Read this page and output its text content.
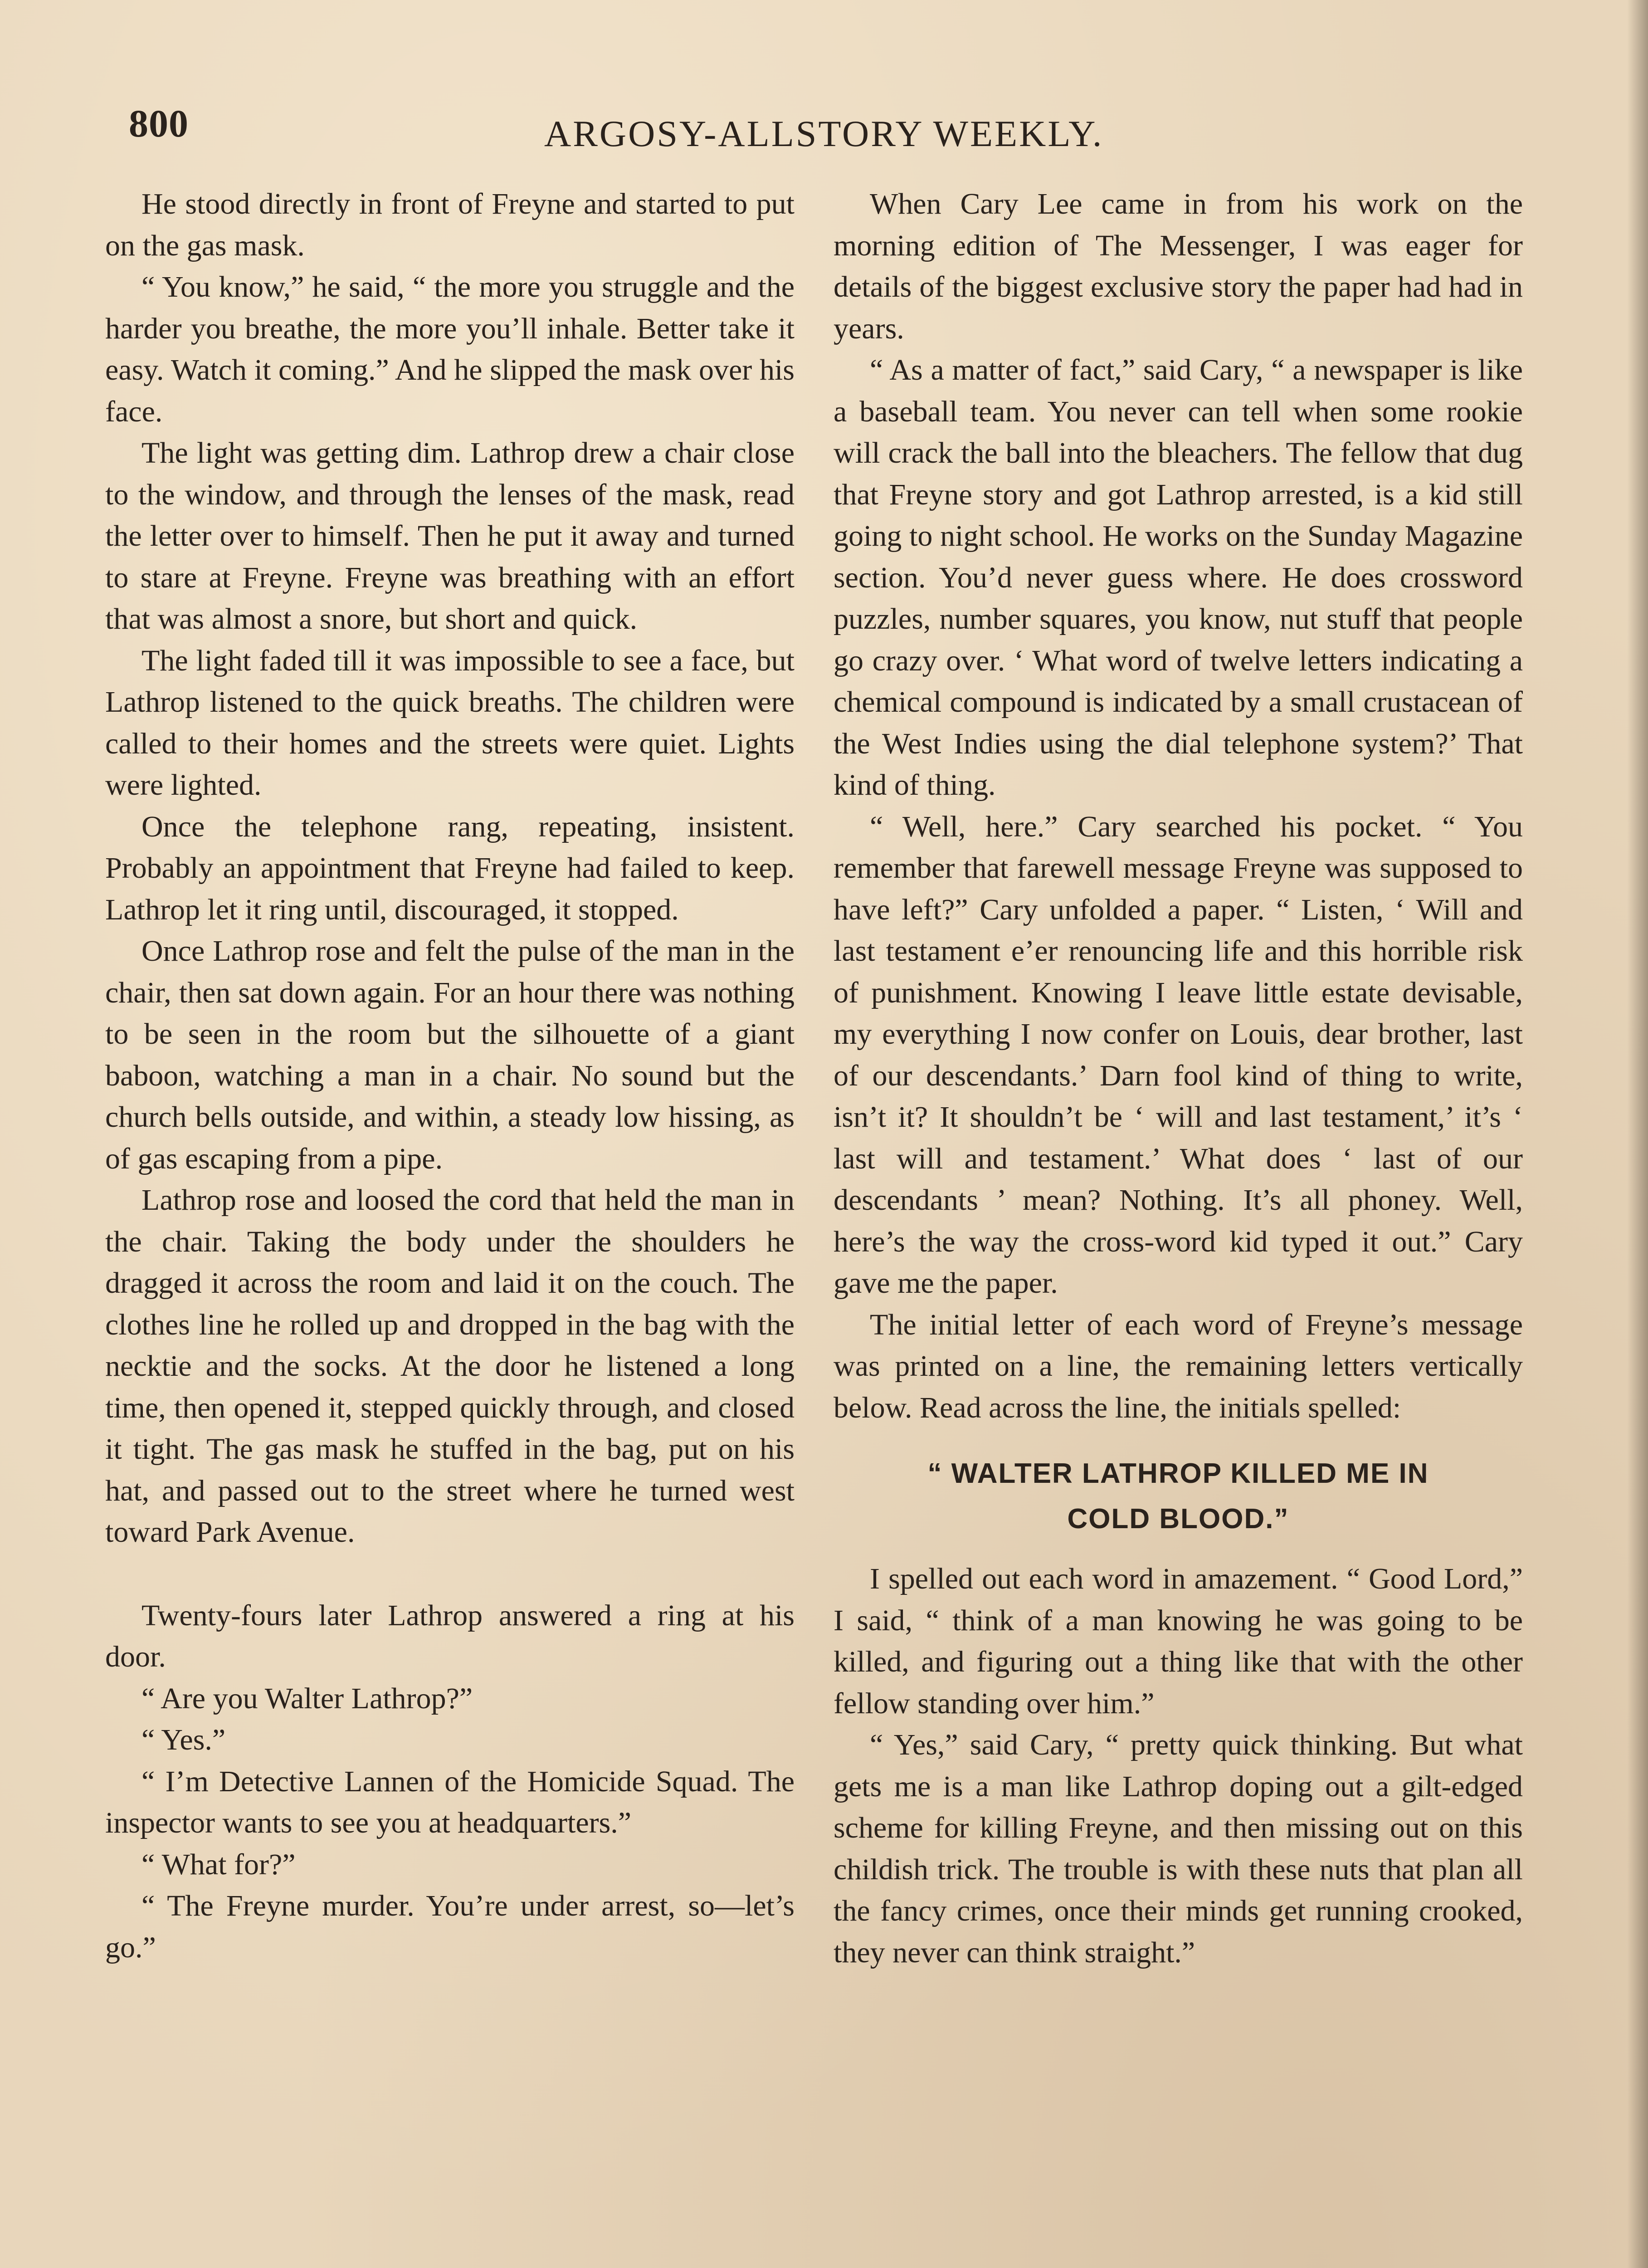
800	ARGOSY-ALLSTORY WEEKLY.

He stood directly in front of Freyne and started to put on the gas mask.

“ You know,” he said, “ the more you struggle and the harder you breathe, the more you’ll inhale. Better take it easy. Watch it coming.” And he slipped the mask over his face.

The light was getting dim. Lathrop drew a chair close to the window, and through the lenses of the mask, read the letter over to himself. Then he put it away and turned to stare at Freyne. Freyne was breathing with an effort that was almost a snore, but short and quick.

The light faded till it was impossible to see a face, but Lathrop listened to the quick breaths. The children were called to their homes and the streets were quiet. Lights were lighted.

Once the telephone rang, repeating, insistent. Probably an appointment that Freyne had failed to keep. Lathrop let it ring until, discouraged, it stopped.

Once Lathrop rose and felt the pulse of the man in the chair, then sat down again. For an hour there was nothing to be seen in the room but the silhouette of a giant baboon, watching a man in a chair. No sound but the church bells outside, and within, a steady low hissing, as of gas escaping from a pipe.

Lathrop rose and loosed the cord that held the man in the chair. Taking the body under the shoulders he dragged it across the room and laid it on the couch. The clothes line he rolled up and dropped in the bag with the necktie and the socks. At the door he listened a long time, then opened it, stepped quickly through, and closed it tight. The gas mask he stuffed in the bag, put on his hat, and passed out to the street where he turned west toward Park Avenue.

Twenty-fours later Lathrop answered a ring at his door.

“ Are you Walter Lathrop?”

“ Yes.”

“ I’m Detective Lannen of the Homicide Squad. The inspector wants to see you at headquarters.”

“ What for?”

“ The Freyne murder. You’re under arrest, so—let’s go.”

When Cary Lee came in from his work on the morning edition of The Messenger, I was eager for details of the biggest exclusive story the paper had had in years.

“ As a matter of fact,” said Cary, “ a newspaper is like a baseball team. You never can tell when some rookie will crack the ball into the bleachers. The fellow that dug that Freyne story and got Lathrop arrested, is a kid still going to night school. He works on the Sunday Magazine section. You’d never guess where. He does crossword puzzles, number squares, you know, nut stuff that people go crazy over. ‘ What word of twelve letters indicating a chemical compound is indicated by a small crustacean of the West Indies using the dial telephone system?’ That kind of thing.

“ Well, here.” Cary searched his pocket. “ You remember that farewell message Freyne was supposed to have left?” Cary unfolded a paper. “ Listen, ‘ Will and last testament e’er renouncing life and this horrible risk of punishment. Knowing I leave little estate devisable, my everything I now confer on Louis, dear brother, last of our descendants.’ Darn fool kind of thing to write, isn’t it? It shouldn’t be ‘ will and last testament,’ it’s ‘ last will and testament.’ What does ‘ last of our descendants ’ mean? Nothing. It’s all phoney. Well, here’s the way the cross-word kid typed it out.” Cary gave me the paper.

The initial letter of each word of Freyne’s message was printed on a line, the remaining letters vertically below. Read across the line, the initials spelled:

“ WALTER LATHROP KILLED ME IN
COLD BLOOD.”

I spelled out each word in amazement. “ Good Lord,” I said, “ think of a man knowing he was going to be killed, and figuring out a thing like that with the other fellow standing over him.”

“ Yes,” said Cary, “ pretty quick thinking. But what gets me is a man like Lathrop doping out a gilt-edged scheme for killing Freyne, and then missing out on this childish trick. The trouble is with these nuts that plan all the fancy crimes, once their minds get running crooked, they never can think straight.”
